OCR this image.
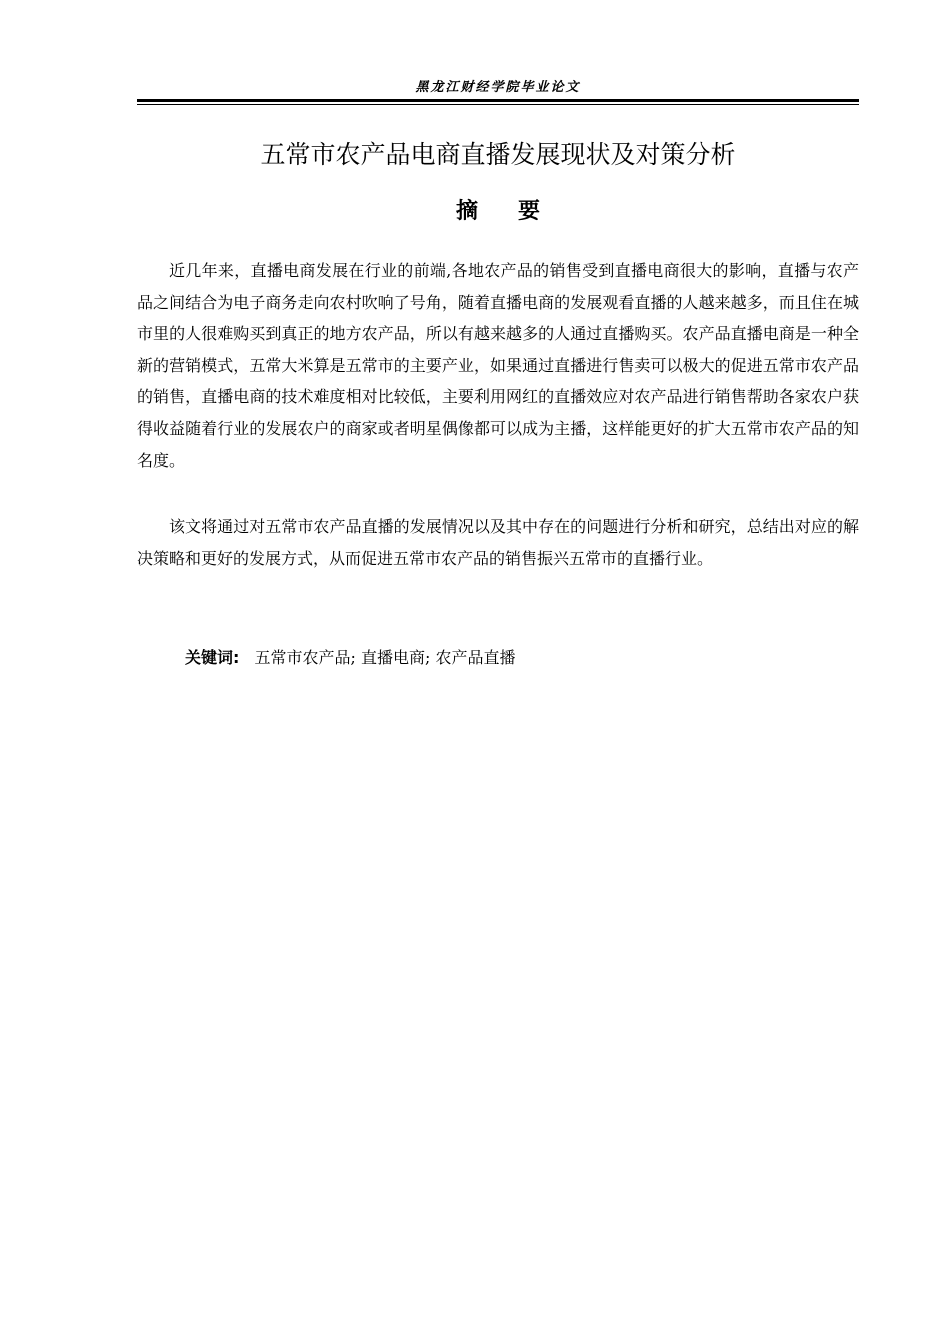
黑龙江财经学院毕业论文
五常市农产品电商直播发展现状及对策分析
摘要

近几年来，直播电商发展在行业的前端,各地农产品的销售受到直播电商很大的影响，直播与农产品之间结合为电子商务走向农村吹响了号角，随着直播电商的发展观看直播的人越来越多，而且住在城市里的人很难购买到真正的地方农产品，所以有越来越多的人通过直播购买。农产品直播电商是一种全新的营销模式，五常大米算是五常市的主要产业，如果通过直播进行售卖可以极大的促进五常市农产品的销售，直播电商的技术难度相对比较低，主要利用网红的直播效应对农产品进行销售帮助各家农户获得收益随着行业的发展农户的商家或者明星偶像都可以成为主播，这样能更好的扩大五常市农产品的知名度。

该文将通过对五常市农产品直播的发展情况以及其中存在的问题进行分析和研究，总结出对应的解决策略和更好的发展方式，从而促进五常市农产品的销售振兴五常市的直播行业。

关键词: 五常市农产品; 直播电商; 农产品直播
